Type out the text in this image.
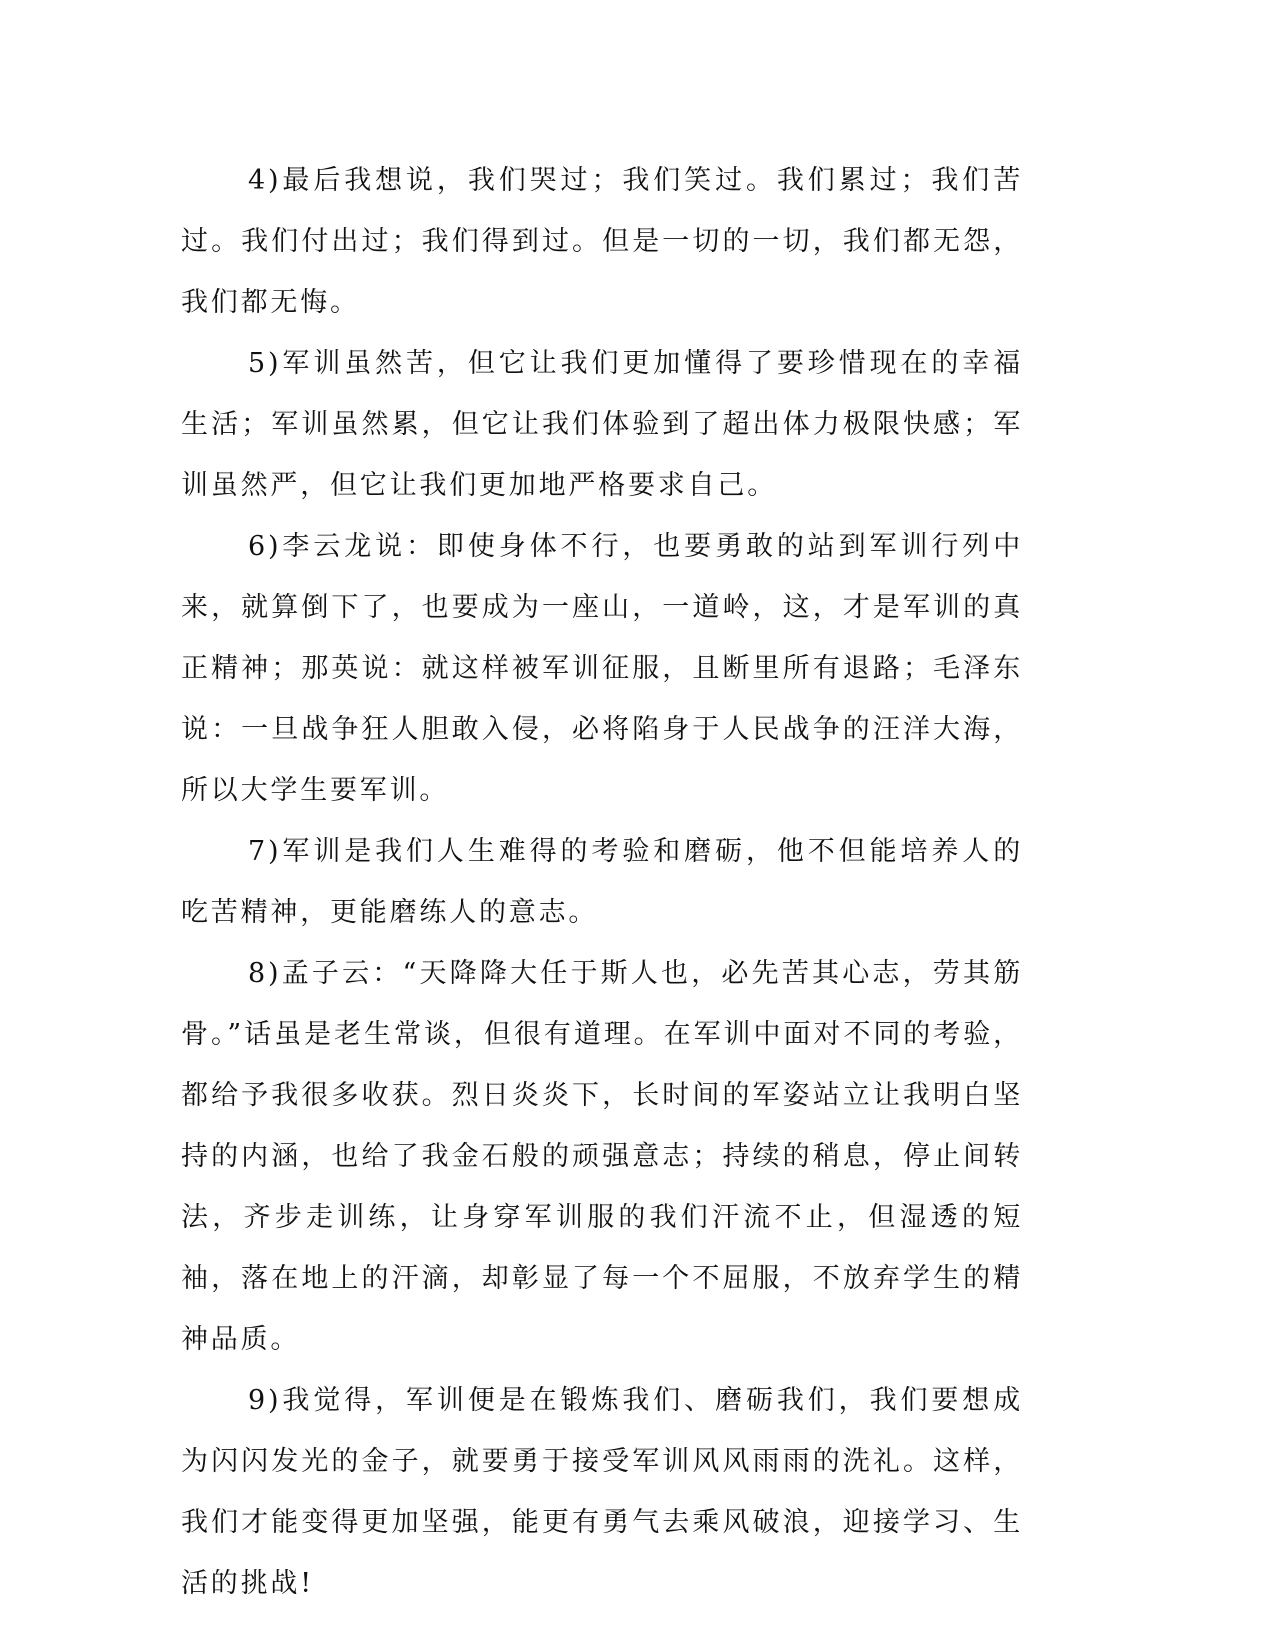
4)最后我想说，我们哭过；我们笑过。我们累过；我们苦过。我们付出过；我们得到过。但是一切的一切，我们都无怨，我们都无悔。

5)军训虽然苦，但它让我们更加懂得了要珍惜现在的幸福生活；军训虽然累，但它让我们体验到了超出体力极限快感；军训虽然严，但它让我们更加地严格要求自己。

6)李云龙说：即使身体不行，也要勇敢的站到军训行列中来，就算倒下了，也要成为一座山，一道岭，这，才是军训的真正精神；那英说：就这样被军训征服，且断里所有退路；毛泽东说：一旦战争狂人胆敢入侵，必将陷身于人民战争的汪洋大海，所以大学生要军训。

7)军训是我们人生难得的考验和磨砺，他不但能培养人的吃苦精神，更能磨练人的意志。

8)孟子云：“天降降大任于斯人也，必先苦其心志，劳其筋骨。”话虽是老生常谈，但很有道理。在军训中面对不同的考验，都给予我很多收获。烈日炎炎下，长时间的军姿站立让我明白坚持的内涵，也给了我金石般的顽强意志；持续的稍息，停止间转法，齐步走训练，让身穿军训服的我们汗流不止，但湿透的短袖，落在地上的汗滴，却彰显了每一个不屈服，不放弃学生的精神品质。

9)我觉得，军训便是在锻炼我们、磨砺我们，我们要想成为闪闪发光的金子，就要勇于接受军训风风雨雨的洗礼。这样，我们才能变得更加坚强，能更有勇气去乘风破浪，迎接学习、生活的挑战!
